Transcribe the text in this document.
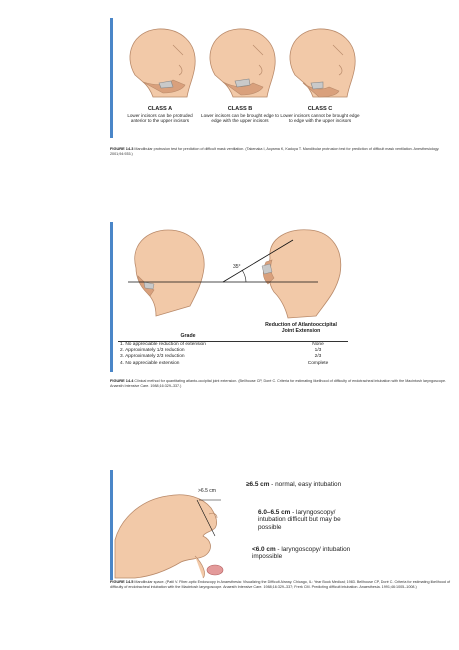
CLASS A
Lower incisors can be protruded anterior to the upper incisors
CLASS B
Lower incisors can be brought edge to edge with the upper incisors
CLASS C
Lower incisors cannot be brought edge to edge with the upper incisors
FIGURE 14.3 Mandibular protrusion test for prediction of difficult mask ventilation. (Takenaka I, Aoyama K, Kadoya T. Mandibular protrusion test for prediction of difficult mask ventilation. Anesthesiology. 2001;94:935.)
35°
Grade
Reduction of Atlantooccipital Joint Extension
1. No appreciable reduction of extension	None
2. Approximately 1/3 reduction	1/3
3. Approximately 2/3 reduction	2/3
4. No appreciable extension	Complete
FIGURE 14.4 Clinical method for quantitating atlanto-occipital joint extension. (Bellhouse CP, Doré C. Criteria for estimating likelihood of difficulty of endotracheal intubation with the Macintosh laryngoscope. Anaesth Intensive Care. 1988;16:329–337.)
>6.5 cm
≥6.5 cm - normal, easy intubation
6.0–6.5 cm - laryngoscopy/ intubation difficult but may be possible
<6.0 cm - laryngoscopy/ intubation impossible
FIGURE 14.5 Mandibular space. (Patil V. Fiber-optic Endoscopy in Anaesthesia: Visualizing the Difficult Airway. Chicago, IL: Year Book Medical; 1983. Bellhouse CP, Doré C. Criteria for estimating likelihood of difficulty of endotracheal intubation with the Macintosh laryngoscope. Anaesth Intensive Care. 1988;16:329–337; Frerk CM. Predicting difficult intubation. Anaesthesia. 1991;46:1005–1008.)
